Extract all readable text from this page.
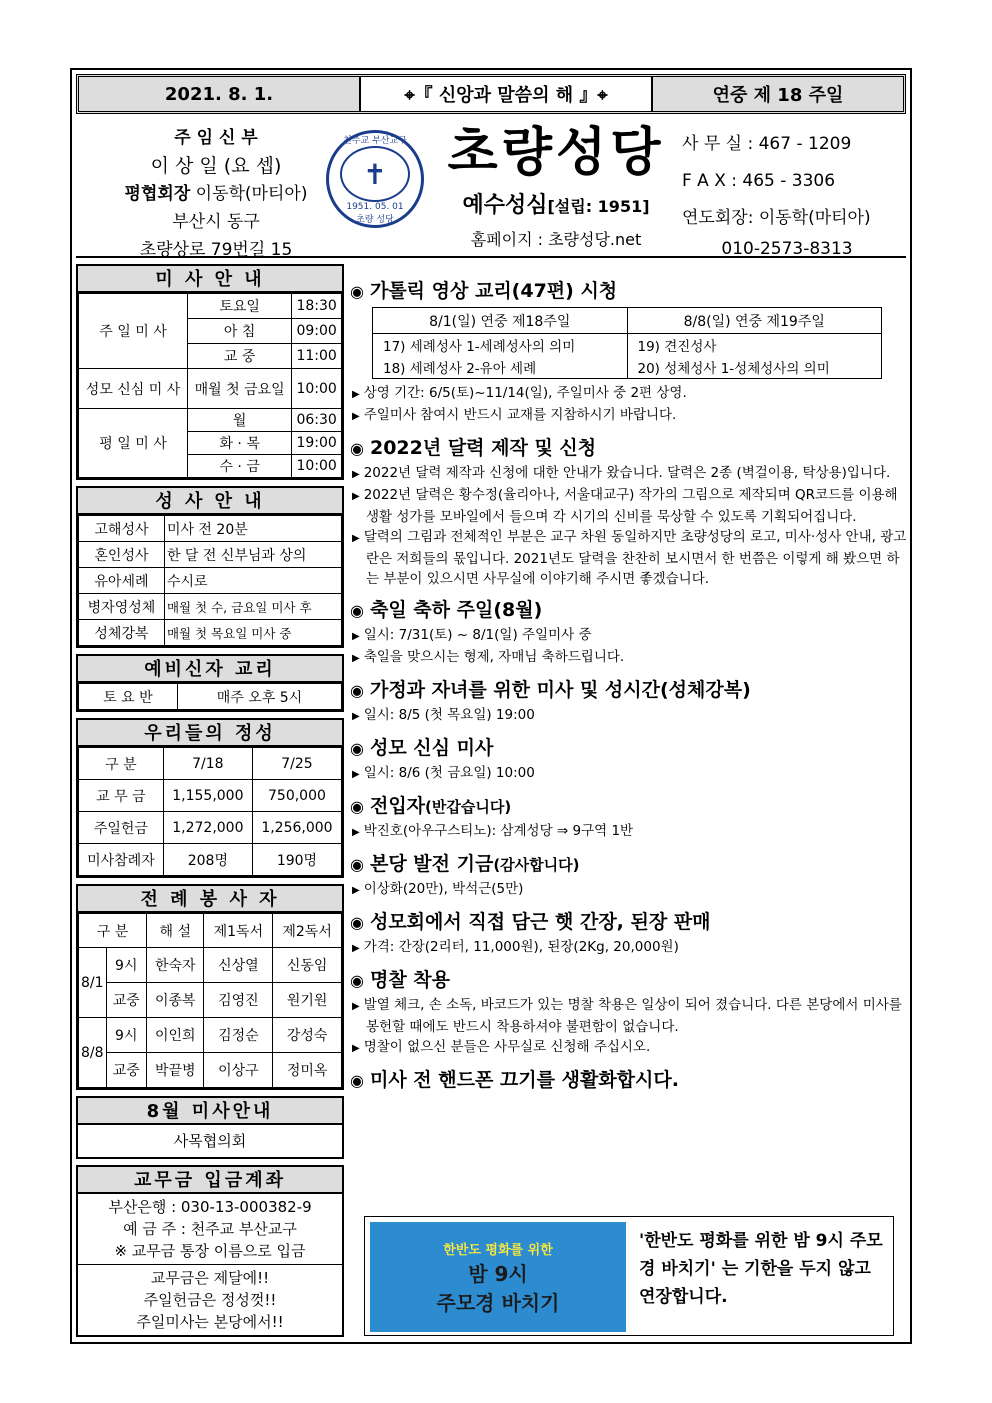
2021. 8. 1.	⌖『 신앙과 말씀의 해 』⌖	연중 제 18 주일
주 임 신 부
이 상 일 (요 셉)
평협회장 이동학(마티아)
부산시 동구
초량상로 79번길 15
천주교 부산교구
✝
1951. 05. 01
초량 성당
초량성당
예수성심[설립: 1951]
홈페이지 : 초량성당.net
사 무 실 : 467 - 1209
F A X : 465 - 3306
연도회장: 이동학(마티아)
010-2573-8313
미 사 안 내
주 일 미 사	토요일	18:30
	아 침	09:00
	교 중	11:00
성모 신심 미 사	매월 첫 금요일	10:00
평 일 미 사	월	06:30
	화 · 목	19:00
	수 · 금	10:00
성 사 안 내
고해성사	미사 전 20분
혼인성사	한 달 전 신부님과 상의
유아세례	수시로
병자영성체	매월 첫 수, 금요일 미사 후
성체강복	매월 첫 목요일 미사 중
예비신자 교리
토 요 반	매주 오후 5시
우리들의 정성
구 분	7/18	7/25
교 무 금	1,155,000	750,000
주일헌금	1,272,000	1,256,000
미사참례자	208명	190명
전 례 봉 사 자
구 분		해 설	제1독서	제2독서
8/1	9시	한숙자	신상열	신동임
	교중	이종복	김영진	원기원
8/8	9시	이인희	김정순	강성숙
	교중	박끝병	이상구	정미옥
8월 미사안내
사목협의회
교무금 입금계좌
부산은행 : 030-13-000382-9
예 금 주 : 천주교 부산교구
※ 교무금 통장 이름으로 입금
교무금은 제달에!!
주일헌금은 정성껏!!
주일미사는 본당에서!!
◉ 가톨릭 영상 교리(47편) 시청
8/1(일) 연중 제18주일	8/8(일) 연중 제19주일
17) 세례성사 1-세례성사의 의미	19) 견진성사
18) 세례성사 2-유아 세례	20) 성체성사 1-성체성사의 의미
▶ 상영 기간: 6/5(토)~11/14(일), 주일미사 중 2편 상영.
▶ 주일미사 참여시 반드시 교재를 지참하시기 바랍니다.
◉ 2022년 달력 제작 및 신청
▶ 2022년 달력 제작과 신청에 대한 안내가 왔습니다. 달력은 2종 (벽걸이용, 탁상용)입니다.
▶ 2022년 달력은 황수정(율리아나, 서울대교구) 작가의 그림으로 제작되며 QR코드를 이용해 생활 성가를 모바일에서 들으며 각 시기의 신비를 묵상할 수 있도록 기획되어집니다.
▶ 달력의 그림과 전체적인 부분은 교구 차원 동일하지만 초량성당의 로고, 미사·성사 안내, 광고란은 저희들의 몫입니다. 2021년도 달력을 찬찬히 보시면서 한 번쯤은 이렇게 해 봤으면 하는 부분이 있으시면 사무실에 이야기해 주시면 좋겠습니다.
◉ 축일 축하 주일(8월)
▶ 일시: 7/31(토) ~ 8/1(일) 주일미사 중
▶ 축일을 맞으시는 형제, 자매님 축하드립니다.
◉ 가정과 자녀를 위한 미사 및 성시간(성체강복)
▶ 일시: 8/5 (첫 목요일) 19:00
◉ 성모 신심 미사
▶ 일시: 8/6 (첫 금요일) 10:00
◉ 전입자(반갑습니다)
▶ 박진호(아우구스티노): 삼계성당 ⇒ 9구역 1반
◉ 본당 발전 기금(감사합니다)
▶ 이상화(20만), 박석근(5만)
◉ 성모회에서 직접 담근 햇 간장, 된장 판매
▶ 가격: 간장(2리터, 11,000원), 된장(2Kg, 20,000원)
◉ 명찰 착용
▶ 발열 체크, 손 소독, 바코드가 있는 명찰 착용은 일상이 되어 졌습니다. 다른 본당에서 미사를 봉헌할 때에도 반드시 착용하셔야 불편함이 없습니다.
▶ 명찰이 없으신 분들은 사무실로 신청해 주십시오.
◉ 미사 전 핸드폰 끄기를 생활화합시다.
한반도 평화를 위한
밤 9시
주모경 바치기
'한반도 평화를 위한 밤 9시 주모경 바치기' 는 기한을 두지 않고 연장합니다.
